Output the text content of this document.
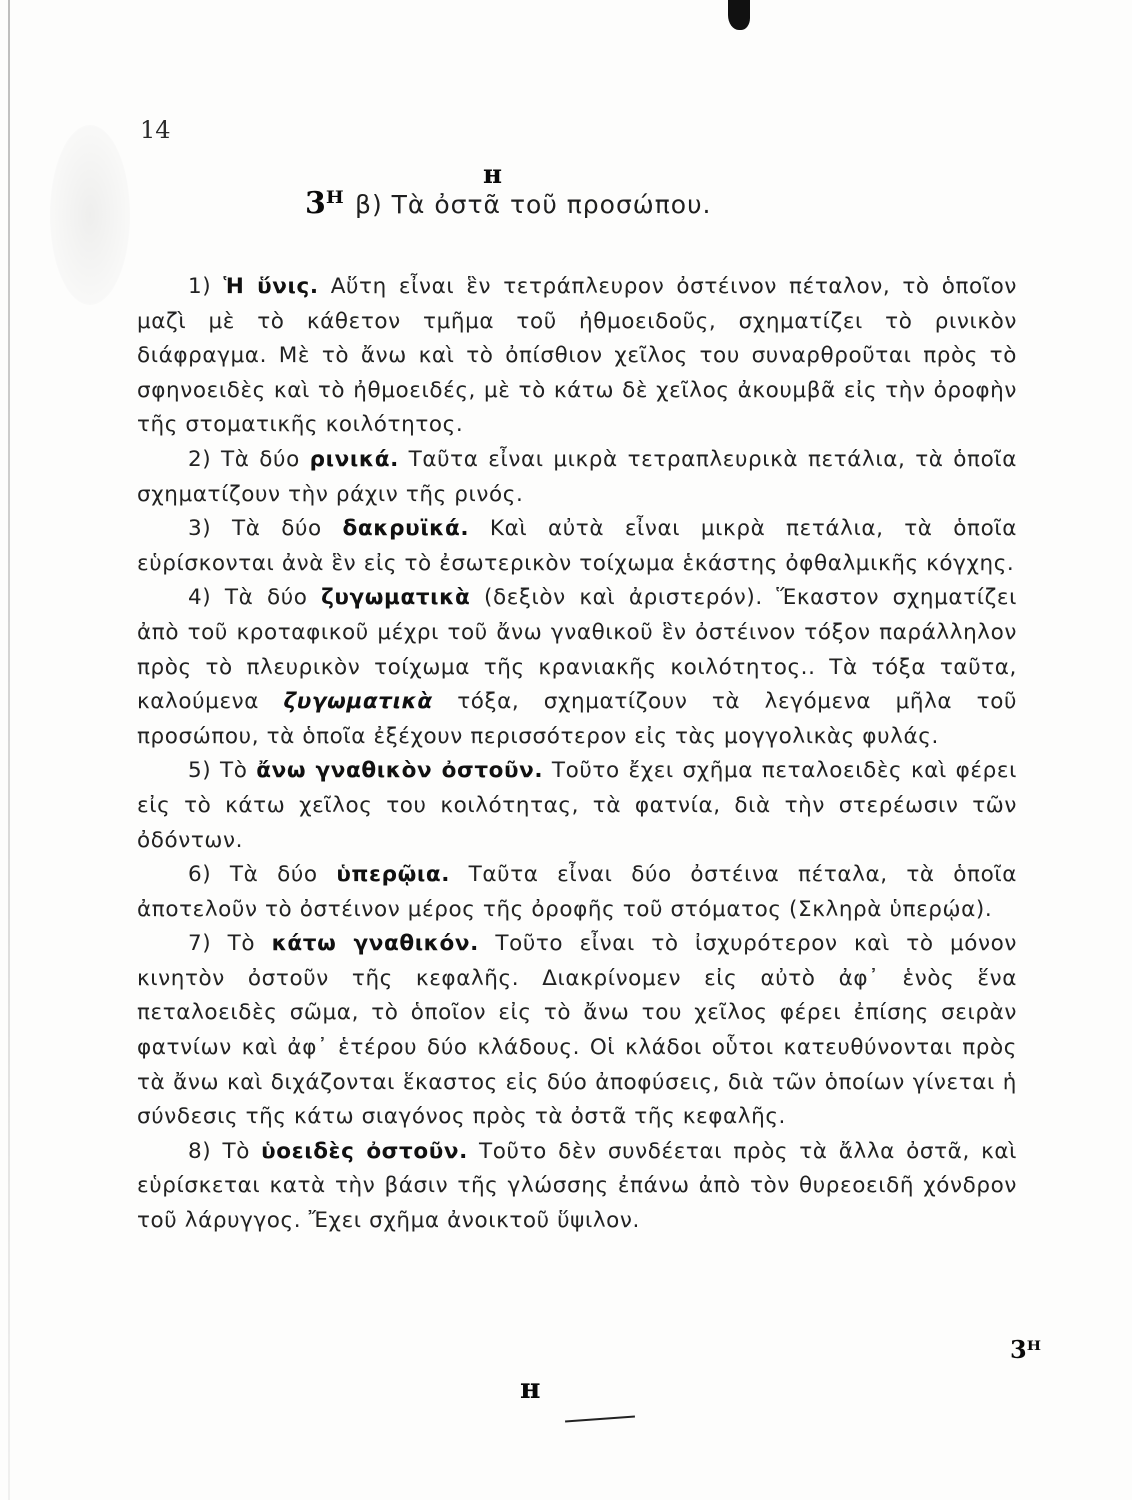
14
3ᴴ
ʜ
β) Τὰ ὀστᾶ τοῦ προσώπου.

1) Ἡ ὕνις. Αὕτη εἶναι ἓν τετράπλευρον ὀστέινον πέταλον, τὸ ὁποῖον μαζὶ μὲ τὸ κάθετον τμῆμα τοῦ ἠθμοειδοῦς, σχηματίζει τὸ ρινικὸν διάφραγμα. Μὲ τὸ ἄνω καὶ τὸ ὀπίσθιον χεῖλος του συναρθροῦται πρὸς τὸ σφηνοειδὲς καὶ τὸ ἠθμοειδές, μὲ τὸ κάτω δὲ χεῖλος ἀκουμβᾶ εἰς τὴν ὀροφὴν τῆς στοματικῆς κοιλότητος.

2) Τὰ δύο ρινικά. Ταῦτα εἶναι μικρὰ τετραπλευρικὰ πετάλια, τὰ ὁποῖα σχηματίζουν τὴν ράχιν τῆς ρινός.

3) Τὰ δύο δακρυϊκά. Καὶ αὐτὰ εἶναι μικρὰ πετάλια, τὰ ὁποῖα εὑρίσκονται ἀνὰ ἓν εἰς τὸ ἐσωτερικὸν τοίχωμα ἑκάστης ὀφθαλμικῆς κόγχης.

4) Τὰ δύο ζυγωματικὰ (δεξιὸν καὶ ἀριστερόν). Ἕκαστον σχηματίζει ἀπὸ τοῦ κροταφικοῦ μέχρι τοῦ ἄνω γναθικοῦ ἓν ὀστέινον τόξον παράλληλον πρὸς τὸ πλευρικὸν τοίχωμα τῆς κρανιακῆς κοιλότητος.. Τὰ τόξα ταῦτα, καλούμενα ζυγωματικὰ τόξα, σχηματίζουν τὰ λεγόμενα μῆλα τοῦ προσώπου, τὰ ὁποῖα ἐξέχουν περισσότερον εἰς τὰς μογγολικὰς φυλάς.

5) Τὸ ἄνω γναθικὸν ὀστοῦν. Τοῦτο ἔχει σχῆμα πεταλοειδὲς καὶ φέρει εἰς τὸ κάτω χεῖλος του κοιλότητας, τὰ φατνία, διὰ τὴν στερέωσιν τῶν ὀδόντων.

6) Τὰ δύο ὑπερῷια. Ταῦτα εἶναι δύο ὀστέινα πέταλα, τὰ ὁποῖα ἀποτελοῦν τὸ ὀστέινον μέρος τῆς ὀροφῆς τοῦ στόματος (Σκληρὰ ὑπερῴα).

7) Τὸ κάτω γναθικόν. Τοῦτο εἶναι τὸ ἰσχυρότερον καὶ τὸ μόνον κινητὸν ὀστοῦν τῆς κεφαλῆς. Διακρίνομεν εἰς αὐτὸ ἀφ᾽ ἑνὸς ἕνα πεταλοειδὲς σῶμα, τὸ ὁποῖον εἰς τὸ ἄνω του χεῖλος φέρει ἐπίσης σειρὰν φατνίων καὶ ἀφ᾽ ἑτέρου δύο κλάδους. Οἱ κλάδοι οὗτοι κατευθύνονται πρὸς τὰ ἄνω καὶ διχάζονται ἕκαστος εἰς δύο ἀποφύσεις, διὰ τῶν ὁποίων γίνεται ἡ σύνδεσις τῆς κάτω σιαγόνος πρὸς τὰ ὀστᾶ τῆς κεφαλῆς.

8) Τὸ ὑοειδὲς ὀστοῦν. Τοῦτο δὲν συνδέεται πρὸς τὰ ἄλλα ὀστᾶ, καὶ εὑρίσκεται κατὰ τὴν βάσιν τῆς γλώσσης ἐπάνω ἀπὸ τὸν θυρεοειδῆ χόνδρον τοῦ λάρυγγος. Ἔχει σχῆμα ἀνοικτοῦ ὕψιλον.

3ᴴ
ʜ
